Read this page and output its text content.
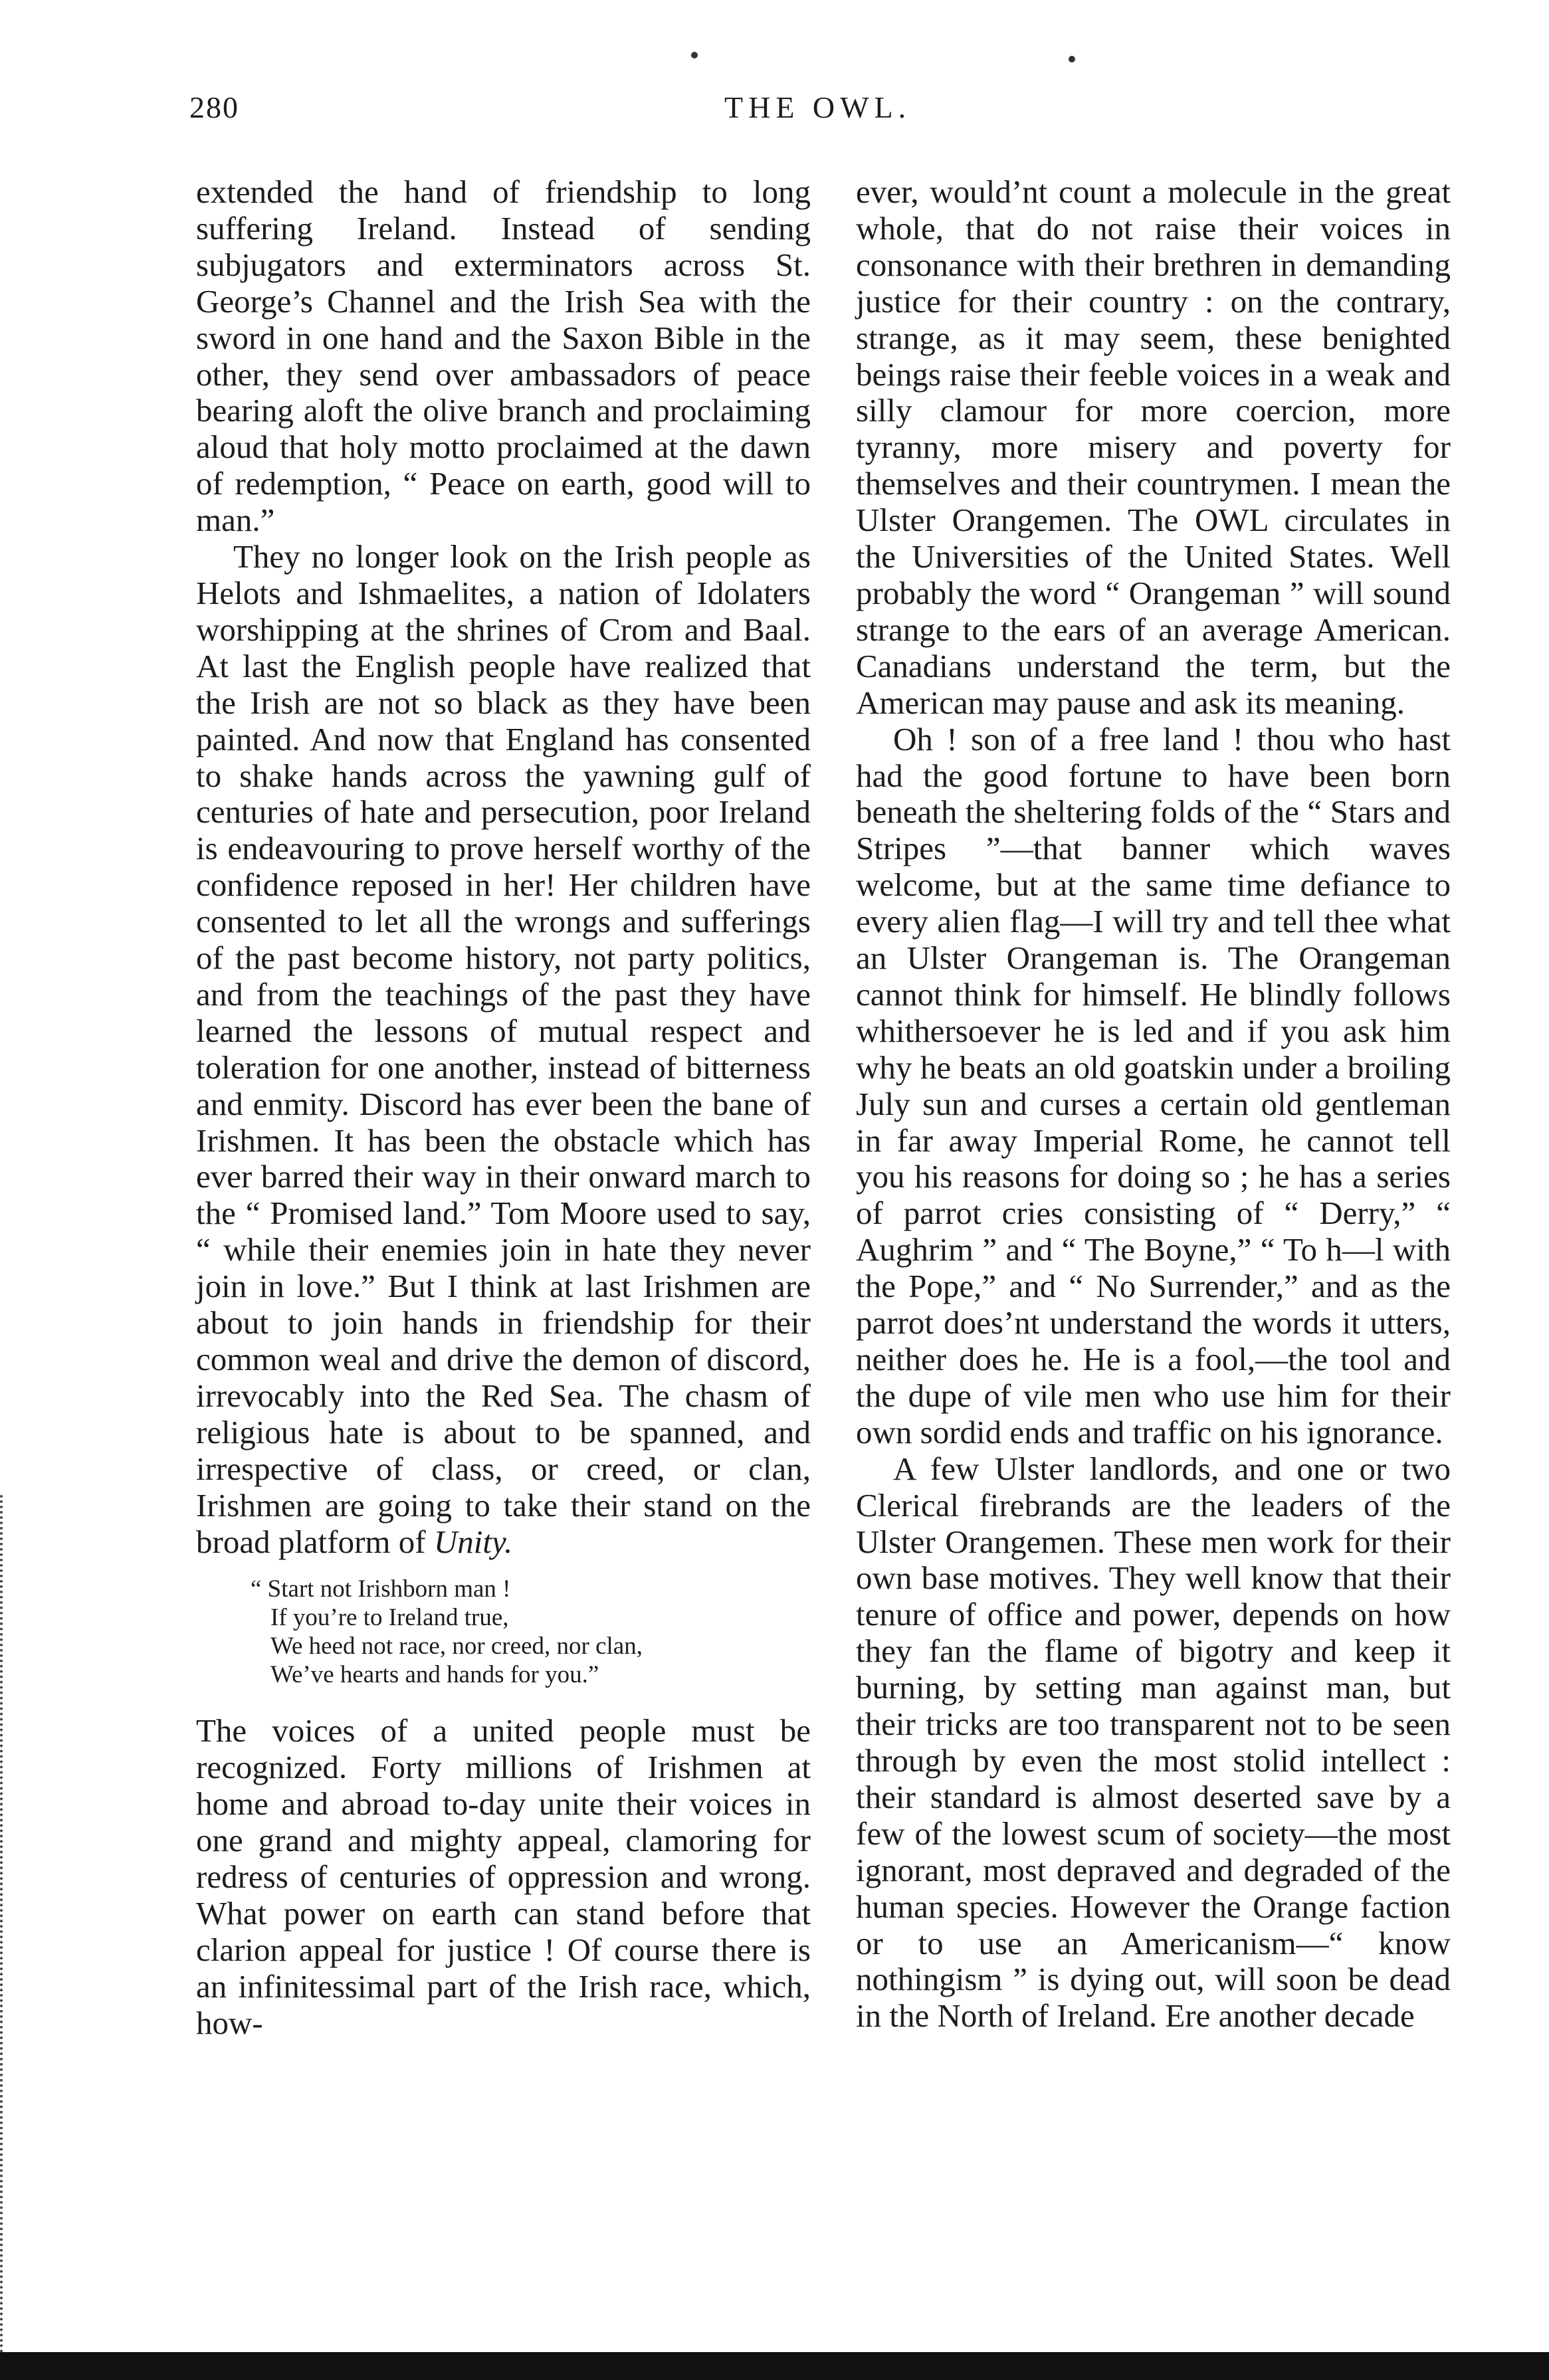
280	THE OWL.

extended the hand of friendship to long suffering Ireland. Instead of sending subjugators and exterminators across St. George’s Channel and the Irish Sea with the sword in one hand and the Saxon Bible in the other, they send over ambassadors of peace bearing aloft the olive branch and proclaiming aloud that holy motto proclaimed at the dawn of redemption, “ Peace on earth, good will to man.”

They no longer look on the Irish people as Helots and Ishmaelites, a nation of Idolaters worshipping at the shrines of Crom and Baal. At last the English people have realized that the Irish are not so black as they have been painted. And now that England has consented to shake hands across the yawning gulf of centuries of hate and persecution, poor Ireland is endeavouring to prove herself worthy of the confidence reposed in her! Her children have consented to let all the wrongs and sufferings of the past become history, not party politics, and from the teachings of the past they have learned the lessons of mutual respect and toleration for one another, instead of bitterness and enmity. Discord has ever been the bane of Irishmen. It has been the obstacle which has ever barred their way in their onward march to the “ Promised land.” Tom Moore used to say, “ while their enemies join in hate they never join in love.” But I think at last Irishmen are about to join hands in friendship for their common weal and drive the demon of discord, irrevocably into the Red Sea. The chasm of religious hate is about to be spanned, and irrespective of class, or creed, or clan, Irishmen are going to take their stand on the broad platform of Unity.

“ Start not Irishborn man !
If you’re to Ireland true,
We heed not race, nor creed, nor clan,
We’ve hearts and hands for you.”

The voices of a united people must be recognized. Forty millions of Irishmen at home and abroad to-day unite their voices in one grand and mighty appeal, clamoring for redress of centuries of oppression and wrong. What power on earth can stand before that clarion appeal for justice ! Of course there is an infinitessimal part of the Irish race, which, how-

ever, would’nt count a molecule in the great whole, that do not raise their voices in consonance with their brethren in demanding justice for their country : on the contrary, strange, as it may seem, these benighted beings raise their feeble voices in a weak and silly clamour for more coercion, more tyranny, more misery and poverty for themselves and their countrymen. I mean the Ulster Orangemen. The OWL circulates in the Universities of the United States. Well probably the word “ Orangeman ” will sound strange to the ears of an average American. Canadians understand the term, but the American may pause and ask its meaning.

Oh ! son of a free land ! thou who hast had the good fortune to have been born beneath the sheltering folds of the “ Stars and Stripes ”—that banner which waves welcome, but at the same time defiance to every alien flag—I will try and tell thee what an Ulster Orangeman is. The Orangeman cannot think for himself. He blindly follows whithersoever he is led and if you ask him why he beats an old goatskin under a broiling July sun and curses a certain old gentleman in far away Imperial Rome, he cannot tell you his reasons for doing so ; he has a series of parrot cries consisting of “ Derry,” “ Aughrim ” and “ The Boyne,” “ To h—l with the Pope,” and “ No Surrender,” and as the parrot does’nt understand the words it utters, neither does he. He is a fool,—the tool and the dupe of vile men who use him for their own sordid ends and traffic on his ignorance.

A few Ulster landlords, and one or two Clerical firebrands are the leaders of the Ulster Orangemen. These men work for their own base motives. They well know that their tenure of office and power, depends on how they fan the flame of bigotry and keep it burning, by setting man against man, but their tricks are too transparent not to be seen through by even the most stolid intellect : their standard is almost deserted save by a few of the lowest scum of society—the most ignorant, most depraved and degraded of the human species. However the Orange faction or to use an Americanism—“ know nothingism ” is dying out, will soon be dead in the North of Ireland. Ere another decade
